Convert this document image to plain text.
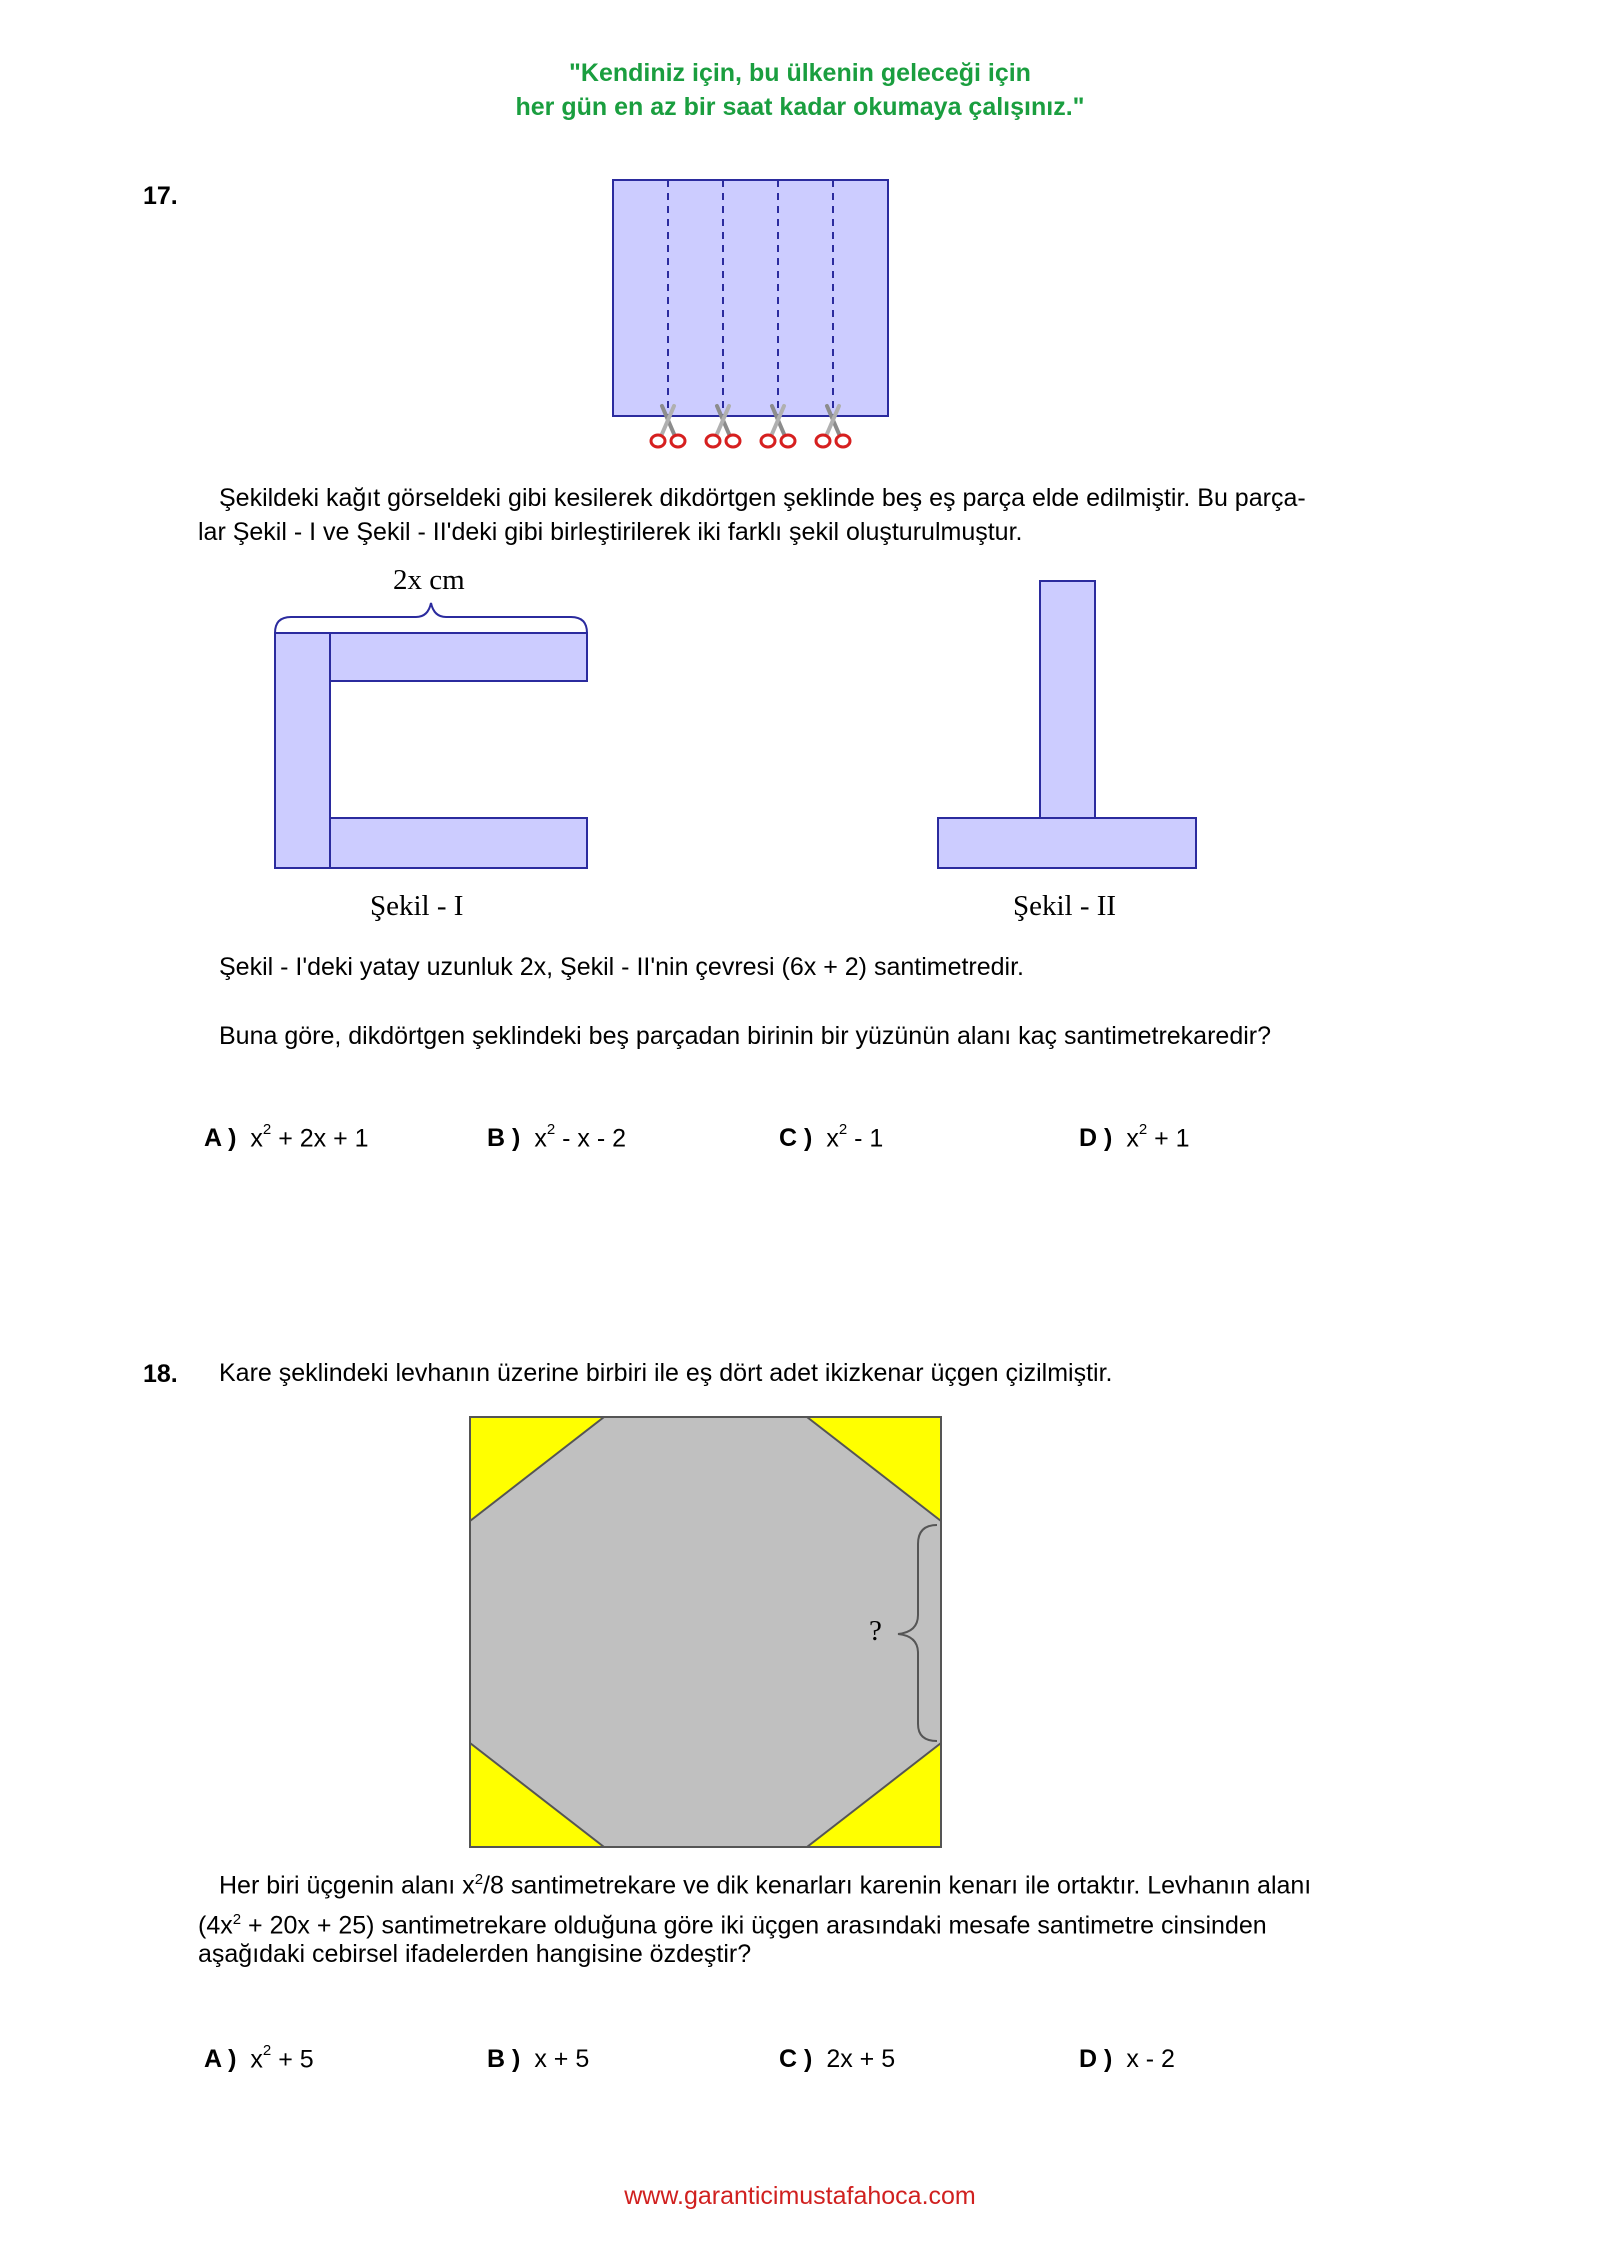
"Kendiniz için, bu ülkenin geleceği için
her gün en az bir saat kadar okumaya çalışınız."
17.
Şekildeki kağıt görseldeki gibi kesilerek dikdörtgen şeklinde beş eş parça elde edilmiştir. Bu parça-
lar Şekil - I ve Şekil - II'deki gibi birleştirilerek iki farklı şekil oluşturulmuştur.
2x cm
Şekil - I	Şekil - II
Şekil - I'deki yatay uzunluk 2x, Şekil - II'nin çevresi (6x + 2) santimetredir.
Buna göre, dikdörtgen şeklindeki beş parçadan birinin bir yüzünün alanı kaç santimetrekaredir?
A ) $x^2 + 2x + 1$	B ) $x^2$ - x - 2	C ) $x^2 - 1$	D ) $x^2 + 1$
18. Kare şeklindeki levhanın üzerine birbiri ile eş dört adet ikizkenar üçgen çizilmiştir.
?
Her biri üçgenin alanı $x^2/8$ santimetrekare ve dik kenarları karenin kenarı ile ortaktır. Levhanın alanı
$(4x^2 + 20x + 25)$ santimetrekare olduğuna göre iki üçgen arasındaki mesafe santimetre cinsinden
aşağıdaki cebirsel ifadelerden hangisine özdeştir?
A ) $x^2 + 5$	B ) x + 5	C ) 2x + 5	D ) x - 2
www.garanticimustafahoca.com
